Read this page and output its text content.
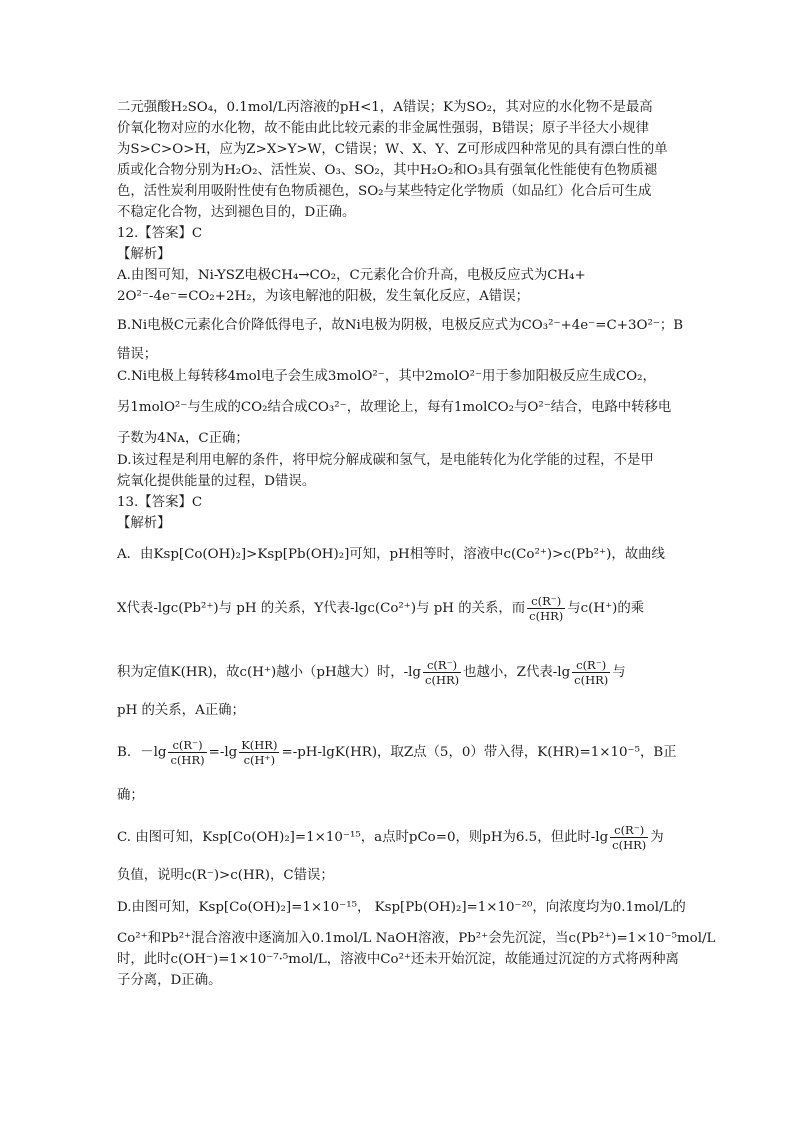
二元强酸H₂SO₄，0.1mol/L丙溶液的pH<1，A错误；K为SO₂，其对应的水化物不是最高
价氧化物对应的水化物，故不能由此比较元素的非金属性强弱，B错误；原子半径大小规律
为S>C>O>H，应为Z>X>Y>W，C错误；W、X、Y、Z可形成四种常见的具有漂白性的单
质或化合物分别为H₂O₂、活性炭、O₃、SO₂，其中H₂O₂和O₃具有强氧化性能使有色物质褪
色，活性炭利用吸附性使有色物质褪色，SO₂与某些特定化学物质（如品红）化合后可生成
不稳定化合物，达到褪色目的，D正确。
12.【答案】C
【解析】
A.由图可知，Ni-YSZ电极CH₄→CO₂，C元素化合价升高，电极反应式为CH₄+
2O²⁻-4e⁻=CO₂+2H₂，为该电解池的阳极，发生氧化反应，A错误；
B.Ni电极C元素化合价降低得电子，故Ni电极为阴极，电极反应式为CO₃²⁻+4e⁻=C+3O²⁻；B
错误；
C.Ni电极上每转移4mol电子会生成3molO²⁻，其中2molO²⁻用于参加阳极反应生成CO₂，
另1molO²⁻与生成的CO₂结合成CO₃²⁻，故理论上，每有1molCO₂与O²⁻结合，电路中转移电
子数为4Nᴀ，C正确；
D.该过程是利用电解的条件，将甲烷分解成碳和氢气，是电能转化为化学能的过程，不是甲
烷氧化提供能量的过程，D错误。
13.【答案】C
【解析】
A．由Ksp[Co(OH)₂]>Ksp[Pb(OH)₂]可知，pH相等时，溶液中c(Co²⁺)>c(Pb²⁺)，故曲线
X代表-lgc(Pb²⁺)与 pH 的关系，Y代表-lgc(Co²⁺)与 pH 的关系，而 $\frac{c(R^-)}{c(HR)}$ 与c(H⁺)的乘
积为定值K(HR)，故c(H⁺)越小（pH越大）时，$-\lg \frac{c(R^-)}{c(HR)}$ 也越小，Z代表$-\lg \frac{c(R^-)}{c(HR)}$ 与
pH 的关系，A正确；
B．$-\lg \frac{c(R^-)}{c(HR)} =-\lg \frac{K(HR)}{c(H^+)} =-pH-\lg K(HR)$，取Z点（5，0）带入得，K(HR)=1×10⁻⁵，B正
确；
C. 由图可知，Ksp[Co(OH)₂]=1×10⁻¹⁵，a点时pCo=0，则pH为6.5，但此时$-\lg \frac{c(R^-)}{c(HR)}$ 为
负值，说明c(R⁻)>c(HR)，C错误；
D.由图可知，Ksp[Co(OH)₂]=1×10⁻¹⁵， Ksp[Pb(OH)₂]=1×10⁻²⁰，向浓度均为0.1mol/L的
Co²⁺和Pb²⁺混合溶液中逐滴加入0.1mol/L NaOH溶液，Pb²⁺会先沉淀，当c(Pb²⁺)=1×10⁻⁵mol/L
时，此时c(OH⁻)=1×10⁻⁷·⁵mol/L，溶液中Co²⁺还未开始沉淀，故能通过沉淀的方式将两种离
子分离，D正确。
